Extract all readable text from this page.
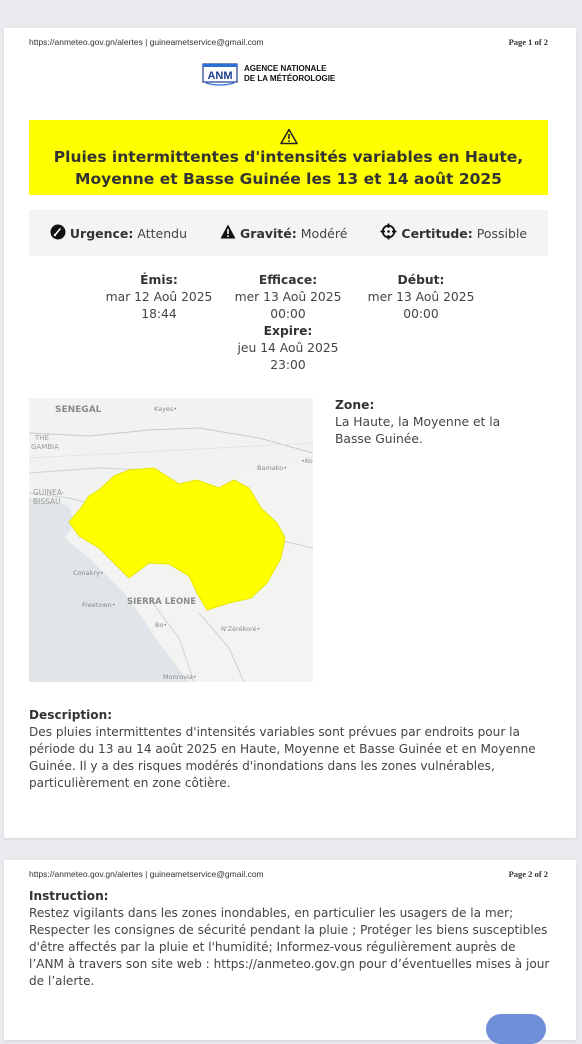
https://anmeteo.gov.gn/alertes | guineametservice@gmail.com	Page 1 of 2
ANM
AGENCE NATIONALE
DE LA MÉTÉOROLOGIE
Pluies intermittentes d'intensités variables en Haute, Moyenne et Basse Guinée les 13 et 14 août 2025
Urgence: Attendu	Gravité: Modéré	Certitude: Possible
Émis:
mar 12 Aoû 2025
18:44
Efficace:
mer 13 Aoû 2025
00:00
Début:
mer 13 Aoû 2025
00:00
Expire:
jeu 14 Aoû 2025
23:00
SENEGAL	Kayes•
THE
GAMBIA
Bamako•
•Ko
GUINEA-
BISSAU
Conakry•
Freetown• SIERRA LEONE
Bo•	N'Zérékoré•
Monrovia•
Zone:
La Haute, la Moyenne et la Basse Guinée.
Description:
Des pluies intermittentes d'intensités variables sont prévues par endroits pour la période du 13 au 14 août 2025 en Haute, Moyenne et Basse Guinée et en Moyenne Guinée. Il y a des risques modérés d'inondations dans les zones vulnérables, particulièrement en zone côtière.
https://anmeteo.gov.gn/alertes | guineametservice@gmail.com	Page 2 of 2
Instruction:
Restez vigilants dans les zones inondables, en particulier les usagers de la mer; Respecter les consignes de sécurité pendant la pluie ; Protéger les biens susceptibles d'être affectés par la pluie et l'humidité; Informez-vous régulièrement auprès de l’ANM à travers son site web : https://anmeteo.gov.gn pour d’éventuelles mises à jour de l’alerte.
